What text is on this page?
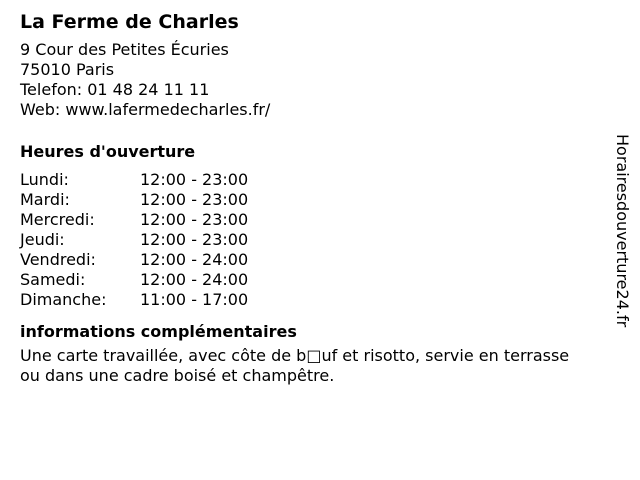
La Ferme de Charles
9 Cour des Petites Écuries
75010 Paris
Telefon: 01 48 24 11 11
Web: www.lafermedecharles.fr/
Heures d'ouverture
Lundi:	12:00 - 23:00
Mardi:	12:00 - 23:00
Mercredi:	12:00 - 23:00
Jeudi:	12:00 - 23:00
Vendredi:	12:00 - 24:00
Samedi:	12:00 - 24:00
Dimanche:	11:00 - 17:00
informations complémentaires
Une carte travaillée, avec côte de b□uf et risotto, servie en terrasse
ou dans une cadre boisé et champêtre.
Horairesdouverture24.fr
